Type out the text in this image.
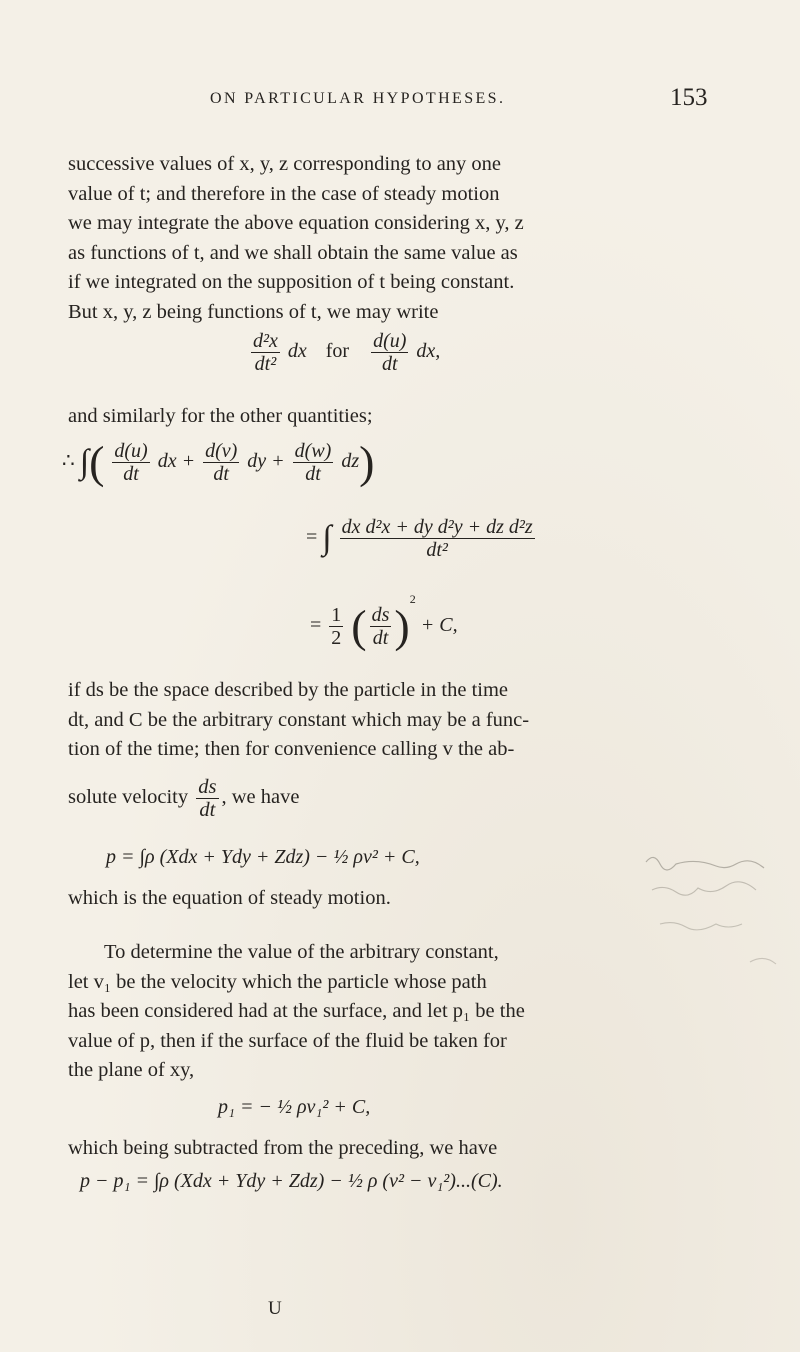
ON PARTICULAR HYPOTHESES.	153

successive values of x, y, z corresponding to any one

value of t; and therefore in the case of steady motion

we may integrate the above equation considering x, y, z

as functions of t, and we shall obtain the same value as

if we integrated on the supposition of t being constant.

But x, y, z being functions of t, we may write

$\frac{\text{d²x}}{\text{dt²}}$ dx for $\frac{d(u)}{dt}$ dx,

and similarly for the other quantities;

∴ ∫( $\frac{d(u)}{dt}$ dx + $\frac{d(v)}{dt}$ dy + $\frac{d(w)}{dt} dz$)
= ∫ $\frac{\text{dx d²x + dy d²y + dz d²z}}{\text{dt²}}$
= $\frac{1}{2}$ ( $\frac{ds}{dt} )^2 + C$,

if ds be the space described by the particle in the time

dt, and C be the arbitrary constant which may be a func-

tion of the time; then for convenience calling v the ab-

solute velocity $\frac{ds}{dt}$ , we have
p = ∫ρ (Xdx + Ydy + Zdz) − ½ ρv² + C,

which is the equation of steady motion.

To determine the value of the arbitrary constant,

let v₁ be the velocity which the particle whose path

has been considered had at the surface, and let p₁ be the

value of p, then if the surface of the fluid be taken for

the plane of xy,

p₁ = − ½ ρv₁² + C,

which being subtracted from the preceding, we have

p − p₁ = ∫ρ (Xdx + Ydy + Zdz) − ½ ρ (v² − v₁²)...(C).
U
